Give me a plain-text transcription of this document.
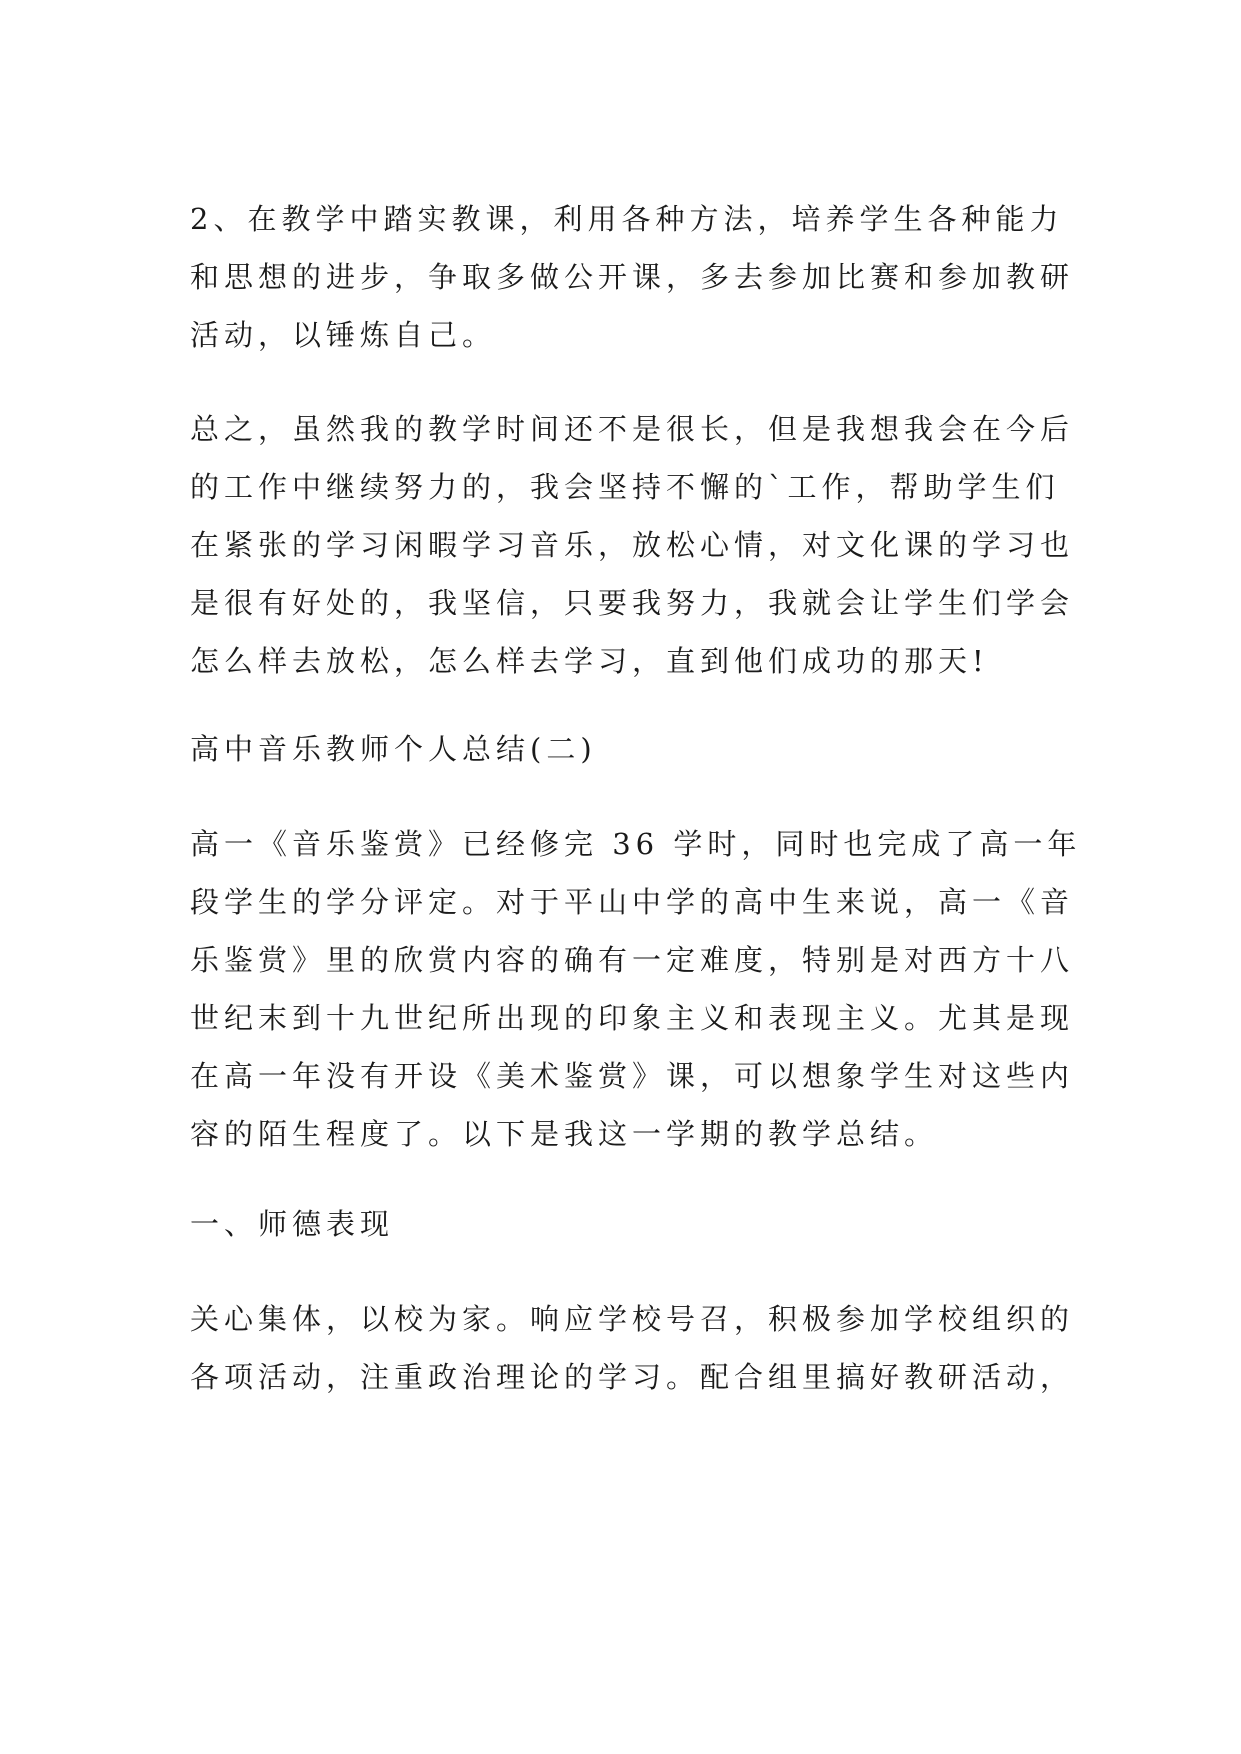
2、在教学中踏实教课，利用各种方法，培养学生各种能力
和思想的进步，争取多做公开课，多去参加比赛和参加教研
活动，以锤炼自己。
总之，虽然我的教学时间还不是很长，但是我想我会在今后
的工作中继续努力的，我会坚持不懈的`工作，帮助学生们
在紧张的学习闲暇学习音乐，放松心情，对文化课的学习也
是很有好处的，我坚信，只要我努力，我就会让学生们学会
怎么样去放松，怎么样去学习，直到他们成功的那天!
高中音乐教师个人总结(二)
高一《音乐鉴赏》已经修完 36 学时，同时也完成了高一年
段学生的学分评定。对于平山中学的高中生来说，高一《音
乐鉴赏》里的欣赏内容的确有一定难度，特别是对西方十八
世纪末到十九世纪所出现的印象主义和表现主义。尤其是现
在高一年没有开设《美术鉴赏》课，可以想象学生对这些内
容的陌生程度了。以下是我这一学期的教学总结。
一、师德表现
关心集体，以校为家。响应学校号召，积极参加学校组织的
各项活动，注重政治理论的学习。配合组里搞好教研活动，
